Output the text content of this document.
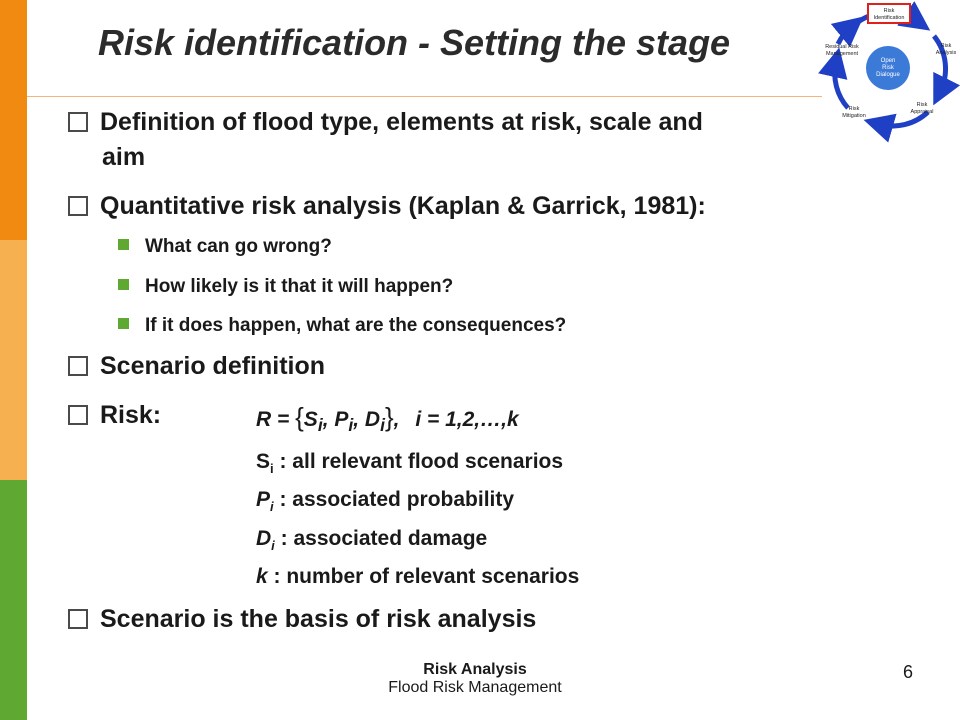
Risk identification - Setting the stage	Open
Risk
Dialogue
Risk
Identification
Risk
Analysis
Risk
Appraisal
Risk
Mitigation
Residual Risk
Management
Definition of flood type, elements at risk, scale and
aim
Quantitative risk analysis (Kaplan & Garrick, 1981):
What can go wrong?
How likely is it that it will happen?
If it does happen, what are the consequences?
Scenario definition
Risk:	$R = \{S_i$, $P_i$, $D_i$}, i = 1,2,…,k
$S_i$ : all relevant flood scenarios
$P_i$ : associated probability
$D_i$ : associated damage
k : number of relevant scenarios
Scenario is the basis of risk analysis
Risk Analysis
Flood Risk Management
6
